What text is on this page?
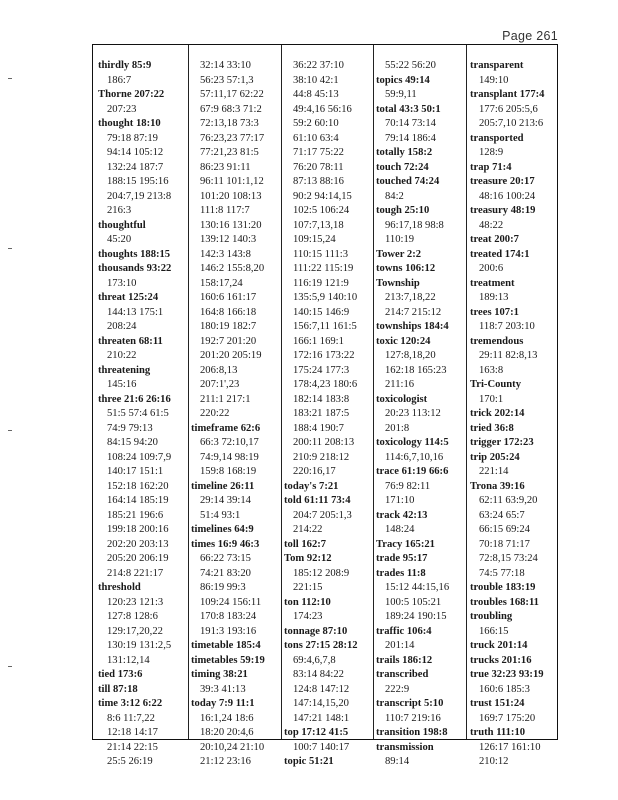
Page 261
thirdly 85:9
186:7
Thorne 207:22
207:23
thought 18:10
79:18 87:19
94:14 105:12
132:24 187:7
188:15 195:16
204:7,19 213:8
216:3
thoughtful
45:20
thoughts 188:15
thousands 93:22
173:10
threat 125:24
144:13 175:1
208:24
threaten 68:11
210:22
threatening
145:16
three 21:6 26:16
51:5 57:4 61:5
74:9 79:13
84:15 94:20
108:24 109:7,9
140:17 151:1
152:18 162:20
164:14 185:19
185:21 196:6
199:18 200:16
202:20 203:13
205:20 206:19
214:8 221:17
threshold
120:23 121:3
127:8 128:6
129:17,20,22
130:19 131:2,5
131:12,14
tied 173:6
till 87:18
time 3:12 6:22
8:6 11:7,22
12:18 14:17
21:14 22:15
25:5 26:19
32:14 33:10
56:23 57:1,3
57:11,17 62:22
67:9 68:3 71:2
72:13,18 73:3
76:23,23 77:17
77:21,23 81:5
86:23 91:11
96:11 101:1,12
101:20 108:13
111:8 117:7
130:16 131:20
139:12 140:3
142:3 143:8
146:2 155:8,20
158:17,24
160:6 161:17
164:8 166:18
180:19 182:7
192:7 201:20
201:20 205:19
206:8,13
207:1',23
211:1 217:1
220:22
timeframe 62:6
66:3 72:10,17
74:9,14 98:19
159:8 168:19
timeline 26:11
29:14 39:14
51:4 93:1
timelines 64:9
times 16:9 46:3
66:22 73:15
74:21 83:20
86:19 99:3
109:24 156:11
170:8 183:24
191:3 193:16
timetable 185:4
timetables 59:19
timing 38:21
39:3 41:13
today 7:9 11:1
16:1,24 18:6
18:20 20:4,6
20:10,24 21:10
21:12 23:16
36:22 37:10
38:10 42:1
44:8 45:13
49:4,16 56:16
59:2 60:10
61:10 63:4
71:17 75:22
76:20 78:11
87:13 88:16
90:2 94:14,15
102:5 106:24
107:7,13,18
109:15,24
110:15 111:3
111:22 115:19
116:19 121:9
135:5,9 140:10
140:15 146:9
156:7,11 161:5
166:1 169:1
172:16 173:22
175:24 177:3
178:4,23 180:6
182:14 183:8
183:21 187:5
188:4 190:7
200:11 208:13
210:9 218:12
220:16,17
today's 7:21
told 61:11 73:4
204:7 205:1,3
214:22
toll 162:7
Tom 92:12
185:12 208:9
221:15
ton 112:10
174:23
tonnage 87:10
tons 27:15 28:12
69:4,6,7,8
83:14 84:22
124:8 147:12
147:14,15,20
147:21 148:1
top 17:12 41:5
100:7 140:17
topic 51:21
55:22 56:20
topics 49:14
59:9,11
total 43:3 50:1
70:14 73:14
79:14 186:4
totally 158:2
touch 72:24
touched 74:24
84:2
tough 25:10
96:17,18 98:8
110:19
Tower 2:2
towns 106:12
Township
213:7,18,22
214:7 215:12
townships 184:4
toxic 120:24
127:8,18,20
162:18 165:23
211:16
toxicologist
20:23 113:12
201:8
toxicology 114:5
114:6,7,10,16
trace 61:19 66:6
76:9 82:11
171:10
track 42:13
148:24
Tracy 165:21
trade 95:17
trades 11:8
15:12 44:15,16
100:5 105:21
189:24 190:15
traffic 106:4
201:14
trails 186:12
transcribed
222:9
transcript 5:10
110:7 219:16
transition 198:8
transmission
89:14
transparent
149:10
transplant 177:4
177:6 205:5,6
205:7,10 213:6
transported
128:9
trap 71:4
treasure 20:17
48:16 100:24
treasury 48:19
48:22
treat 200:7
treated 174:1
200:6
treatment
189:13
trees 107:1
118:7 203:10
tremendous
29:11 82:8,13
163:8
Tri-County
170:1
trick 202:14
tried 36:8
trigger 172:23
trip 205:24
221:14
Trona 39:16
62:11 63:9,20
63:24 65:7
66:15 69:24
70:18 71:17
72:8,15 73:24
74:5 77:18
trouble 183:19
troubles 168:11
troubling
166:15
truck 201:14
trucks 201:16
true 32:23 93:19
160:6 185:3
trust 151:24
169:7 175:20
truth 111:10
126:17 161:10
210:12
